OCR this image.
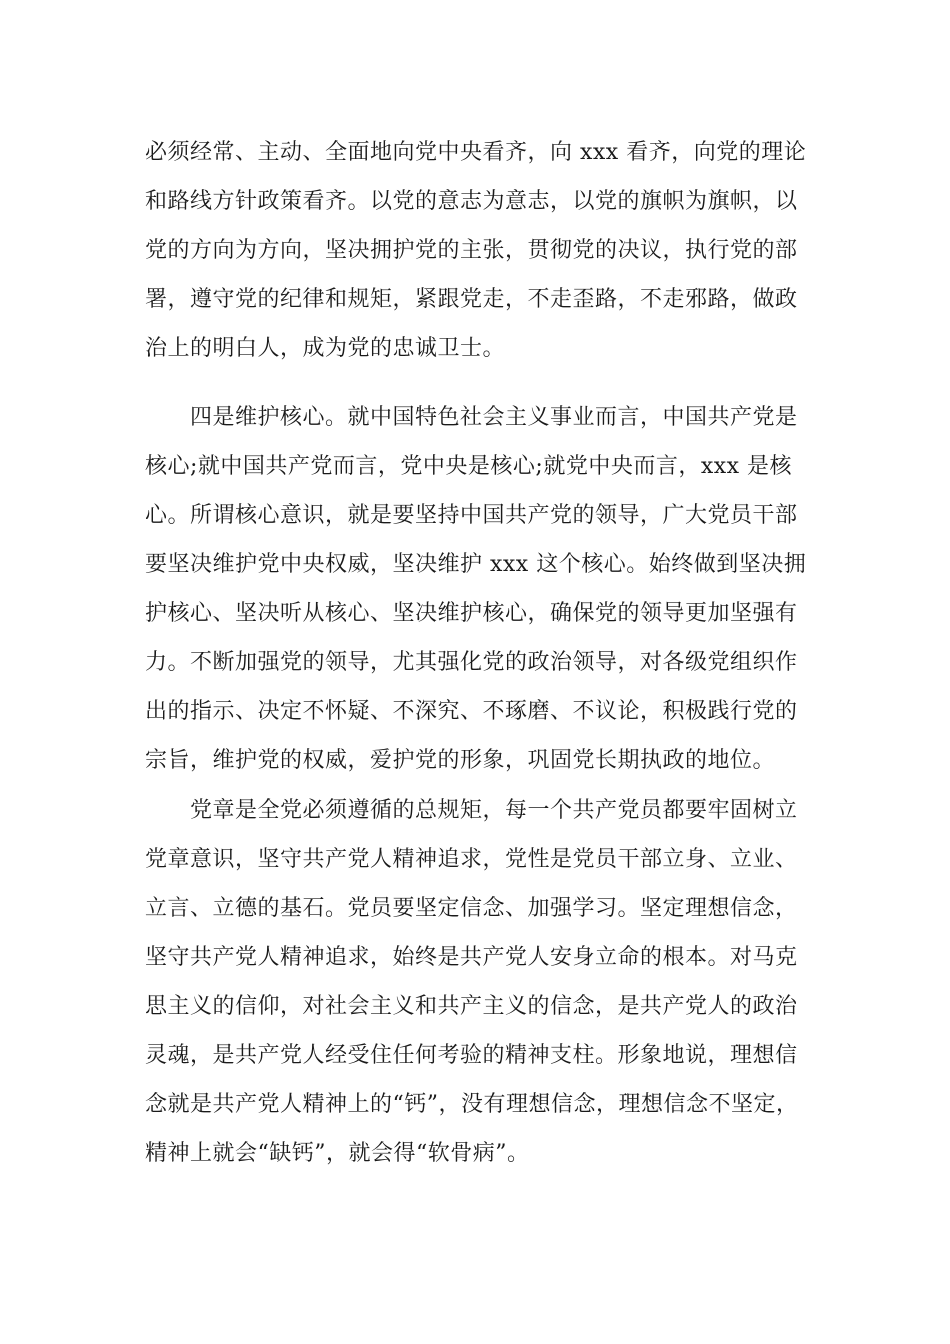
必须经常、主动、全面地向党中央看齐，向 xxx 看齐，向党的理论
和路线方针政策看齐。以党的意志为意志，以党的旗帜为旗帜，以
党的方向为方向，坚决拥护党的主张，贯彻党的决议，执行党的部
署，遵守党的纪律和规矩，紧跟党走，不走歪路，不走邪路，做政
治上的明白人，成为党的忠诚卫士。
　　四是维护核心。就中国特色社会主义事业而言，中国共产党是
核心;就中国共产党而言，党中央是核心;就党中央而言，xxx 是核
心。所谓核心意识，就是要坚持中国共产党的领导，广大党员干部
要坚决维护党中央权威，坚决维护 xxx 这个核心。始终做到坚决拥
护核心、坚决听从核心、坚决维护核心，确保党的领导更加坚强有
力。不断加强党的领导，尤其强化党的政治领导，对各级党组织作
出的指示、决定不怀疑、不深究、不琢磨、不议论，积极践行党的
宗旨，维护党的权威，爱护党的形象，巩固党长期执政的地位。
　　党章是全党必须遵循的总规矩，每一个共产党员都要牢固树立
党章意识，坚守共产党人精神追求，党性是党员干部立身、立业、
立言、立德的基石。党员要坚定信念、加强学习。坚定理想信念，
坚守共产党人精神追求，始终是共产党人安身立命的根本。对马克
思主义的信仰，对社会主义和共产主义的信念，是共产党人的政治
灵魂，是共产党人经受住任何考验的精神支柱。形象地说，理想信
念就是共产党人精神上的“钙”，没有理想信念，理想信念不坚定，
精神上就会“缺钙”，就会得“软骨病”。
